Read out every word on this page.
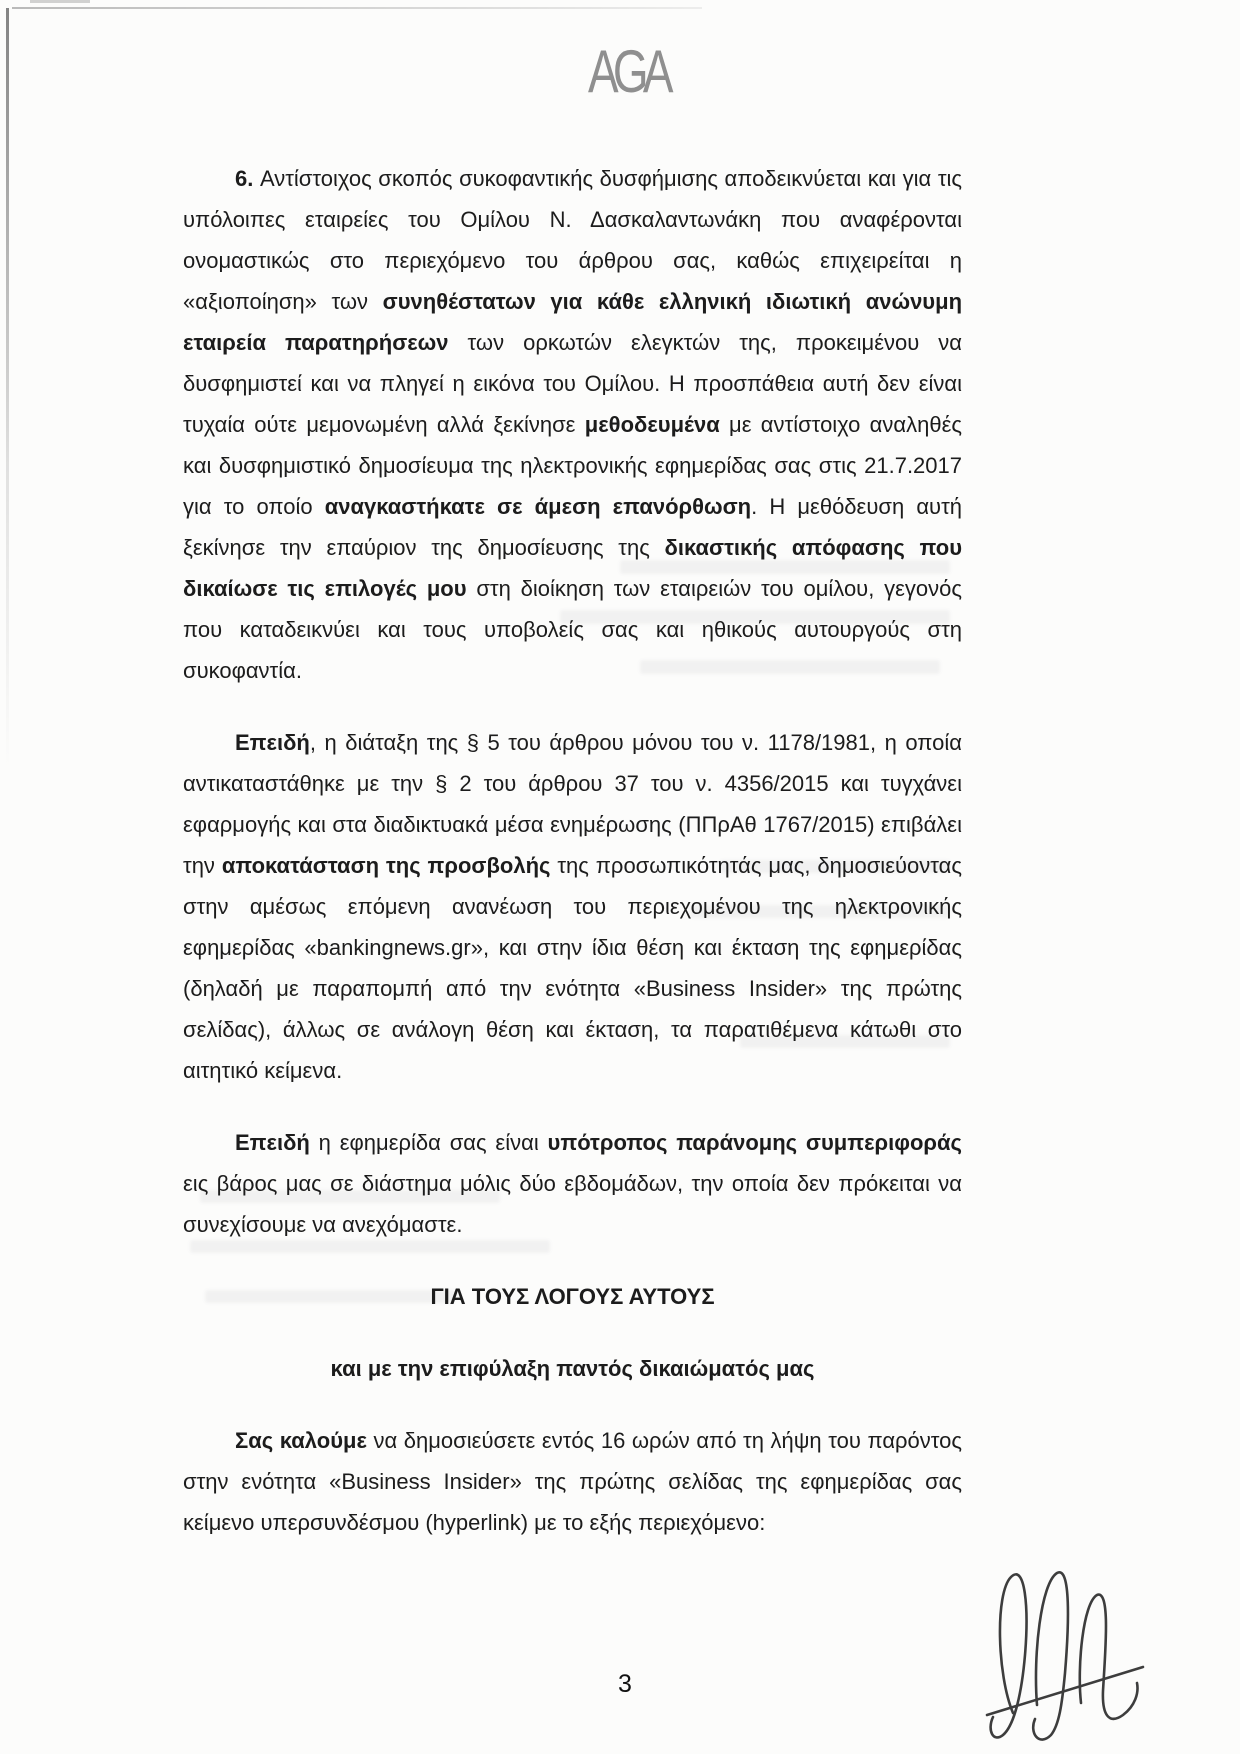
AGA

6. Αντίστοιχος σκοπός συκοφαντικής δυσφήμισης αποδεικνύεται και για τις υπόλοιπες εταιρείες του Ομίλου Ν. Δασκαλαντωνάκη που αναφέρονται ονομαστικώς στο περιεχόμενο του άρθρου σας, καθώς επιχειρείται η «αξιοποίηση» των συνηθέστατων για κάθε ελληνική ιδιωτική ανώνυμη εταιρεία παρατηρήσεων των ορκωτών ελεγκτών της, προκειμένου να δυσφημιστεί και να πληγεί η εικόνα του Ομίλου. Η προσπάθεια αυτή δεν είναι τυχαία ούτε μεμονωμένη αλλά ξεκίνησε μεθοδευμένα με αντίστοιχο αναληθές και δυσφημιστικό δημοσίευμα της ηλεκτρονικής εφημερίδας σας στις 21.7.2017 για το οποίο αναγκαστήκατε σε άμεση επανόρθωση. Η μεθόδευση αυτή ξεκίνησε την επαύριον της δημοσίευσης της δικαστικής απόφασης που δικαίωσε τις επιλογές μου στη διοίκηση των εταιρειών του ομίλου, γεγονός που καταδεικνύει και τους υποβολείς σας και ηθικούς αυτουργούς στη συκοφαντία.

Επειδή, η διάταξη της § 5 του άρθρου μόνου του ν. 1178/1981, η οποία αντικαταστάθηκε με την § 2 του άρθρου 37 του ν. 4356/2015 και τυγχάνει εφαρμογής και στα διαδικτυακά μέσα ενημέρωσης (ΠΠρΑθ 1767/2015) επιβάλει την αποκατάσταση της προσβολής της προσωπικότητάς μας, δημοσιεύοντας στην αμέσως επόμενη ανανέωση του περιεχομένου της ηλεκτρονικής εφημερίδας «bankingnews.gr», και στην ίδια θέση και έκταση της εφημερίδας (δηλαδή με παραπομπή από την ενότητα «Business Insider» της πρώτης σελίδας), άλλως σε ανάλογη θέση και έκταση, τα παρατιθέμενα κάτωθι στο αιτητικό κείμενα.

Επειδή η εφημερίδα σας είναι υπότροπος παράνομης συμπεριφοράς εις βάρος μας σε διάστημα μόλις δύο εβδομάδων, την οποία δεν πρόκειται να συνεχίσουμε να ανεχόμαστε.

ΓΙΑ ΤΟΥΣ ΛΟΓΟΥΣ ΑΥΤΟΥΣ

και με την επιφύλαξη παντός δικαιώματός μας

Σας καλούμε να δημοσιεύσετε εντός 16 ωρών από τη λήψη του παρόντος στην ενότητα «Business Insider» της πρώτης σελίδας της εφημερίδας σας κείμενο υπερσυνδέσμου (hyperlink) με το εξής περιεχόμενο:

3
